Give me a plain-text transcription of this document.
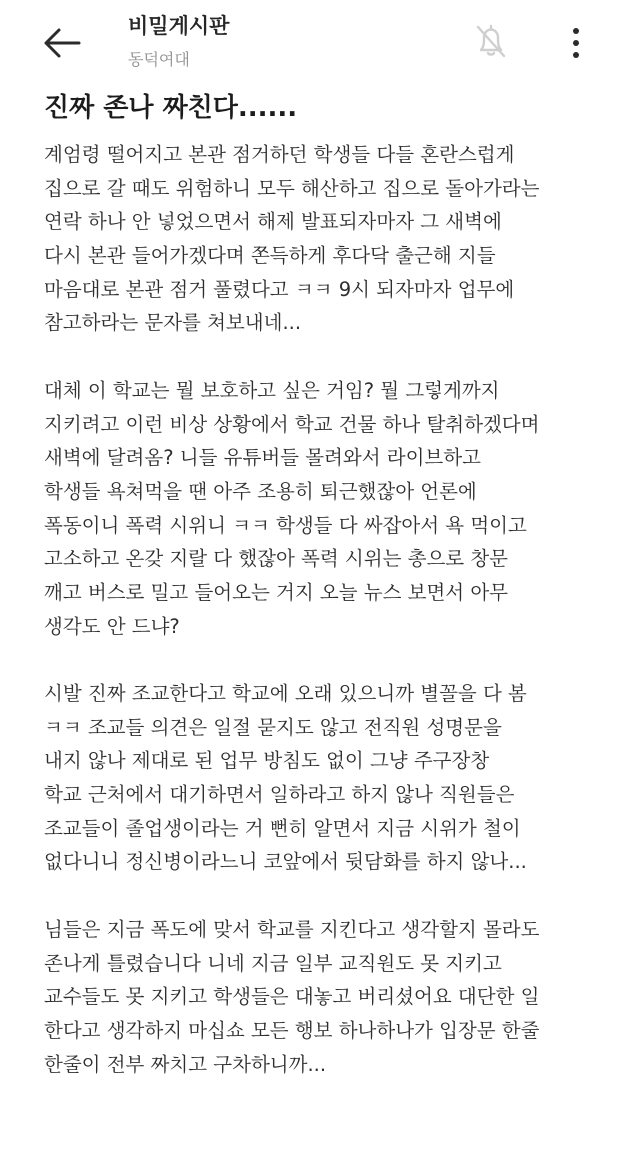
비밀게시판
동덕여대
진짜 존나 짜친다......
계엄령 떨어지고 본관 점거하던 학생들 다들 혼란스럽게
집으로 갈 때도 위험하니 모두 해산하고 집으로 돌아가라는
연락 하나 안 넣었으면서 해제 발표되자마자 그 새벽에
다시 본관 들어가겠다며 쫀득하게 후다닥 출근해 지들
마음대로 본관 점거 풀렸다고 ㅋㅋ 9시 되자마자 업무에
참고하라는 문자를 쳐보내네...
대체 이 학교는 뭘 보호하고 싶은 거임? 뭘 그렇게까지
지키려고 이런 비상 상황에서 학교 건물 하나 탈취하겠다며
새벽에 달려옴? 니들 유튜버들 몰려와서 라이브하고
학생들 욕쳐먹을 땐 아주 조용히 퇴근했잖아 언론에
폭동이니 폭력 시위니 ㅋㅋ 학생들 다 싸잡아서 욕 먹이고
고소하고 온갖 지랄 다 했잖아 폭력 시위는 총으로 창문
깨고 버스로 밀고 들어오는 거지 오늘 뉴스 보면서 아무
생각도 안 드냐?
시발 진짜 조교한다고 학교에 오래 있으니까 별꼴을 다 봄
ㅋㅋ 조교들 의견은 일절 묻지도 않고 전직원 성명문을
내지 않나 제대로 된 업무 방침도 없이 그냥 주구장창
학교 근처에서 대기하면서 일하라고 하지 않나 직원들은
조교들이 졸업생이라는 거 뻔히 알면서 지금 시위가 철이
없다니니 정신병이라느니 코앞에서 뒷담화를 하지 않나...
님들은 지금 폭도에 맞서 학교를 지킨다고 생각할지 몰라도
존나게 틀렸습니다 니네 지금 일부 교직원도 못 지키고
교수들도 못 지키고 학생들은 대놓고 버리셨어요 대단한 일
한다고 생각하지 마십쇼 모든 행보 하나하나가 입장문 한줄
한줄이 전부 짜치고 구차하니까...
